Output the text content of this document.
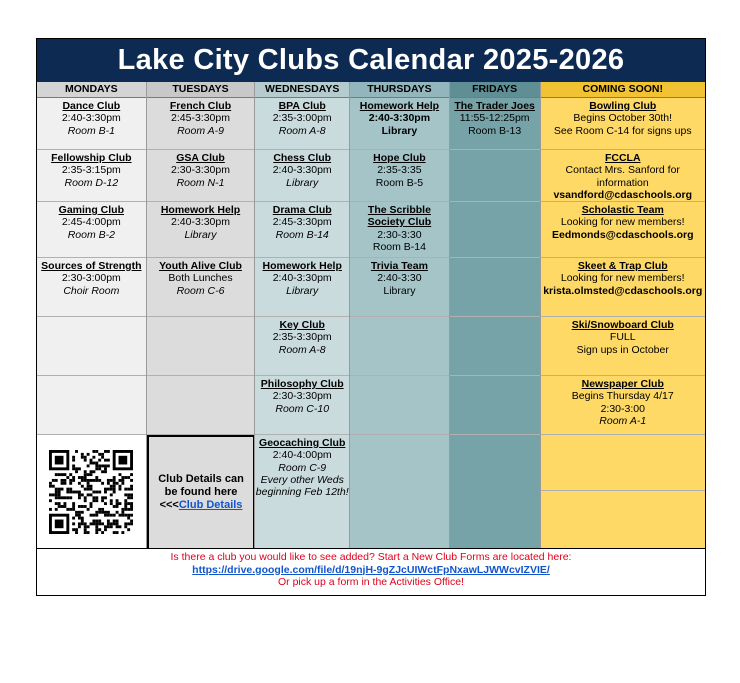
Lake City Clubs Calendar 2025-2026
MONDAYS
Dance Club
2:40-3:30pm
Room B-1
Fellowship Club
2:35-3:15pm
Room D-12
Gaming Club
2:45-4:00pm
Room B-2
Sources of Strength
2:30-3:00pm
Choir Room
TUESDAYS
French Club
2:45-3:30pm
Room A-9
GSA Club
2:30-3:30pm
Room N-1
Homework Help
2:40-3:30pm
Library
Youth Alive Club
Both Lunches
Room C-6
Club Details can be found here
<<<Club Details
WEDNESDAYS
BPA Club
2:35-3:00pm
Room A-8
Chess Club
2:40-3:30pm
Library
Drama Club
2:45-3:30pm
Room B-14
Homework Help
2:40-3:30pm
Library
Key Club
2:35-3:30pm
Room A-8
Philosophy Club
2:30-3:30pm
Room C-10
Geocaching Club
2:40-4:00pm
Room C-9
Every other Weds beginning Feb 12th!
THURSDAYS
Homework Help
2:40-3:30pm
Library
Hope Club
2:35-3:35
Room B-5
The Scribble Society Club
2:30-3:30
Room B-14
Trivia Team
2:40-3:30
Library
FRIDAYS
The Trader Joes
11:55-12:25pm
Room B-13
COMING SOON!
Bowling Club
Begins October 30th!
See Room C-14 for signs ups
FCCLA
Contact Mrs. Sanford for information
vsandford@cdaschools.org
Scholastic Team
Looking for new members!
Eedmonds@cdaschools.org
Skeet & Trap Club
Looking for new members!
krista.olmsted@cdaschools.org
Ski/Snowboard Club
FULL
Sign ups in October
Newspaper Club
Begins Thursday 4/17
2:30-3:00
Room A-1
Is there a club you would like to see added? Start a New Club Forms are located here:
https://drive.google.com/file/d/19njH-9gZJcUIWctFpNxawLJWWcvIZVIE/
Or pick up a form in the Activities Office!
